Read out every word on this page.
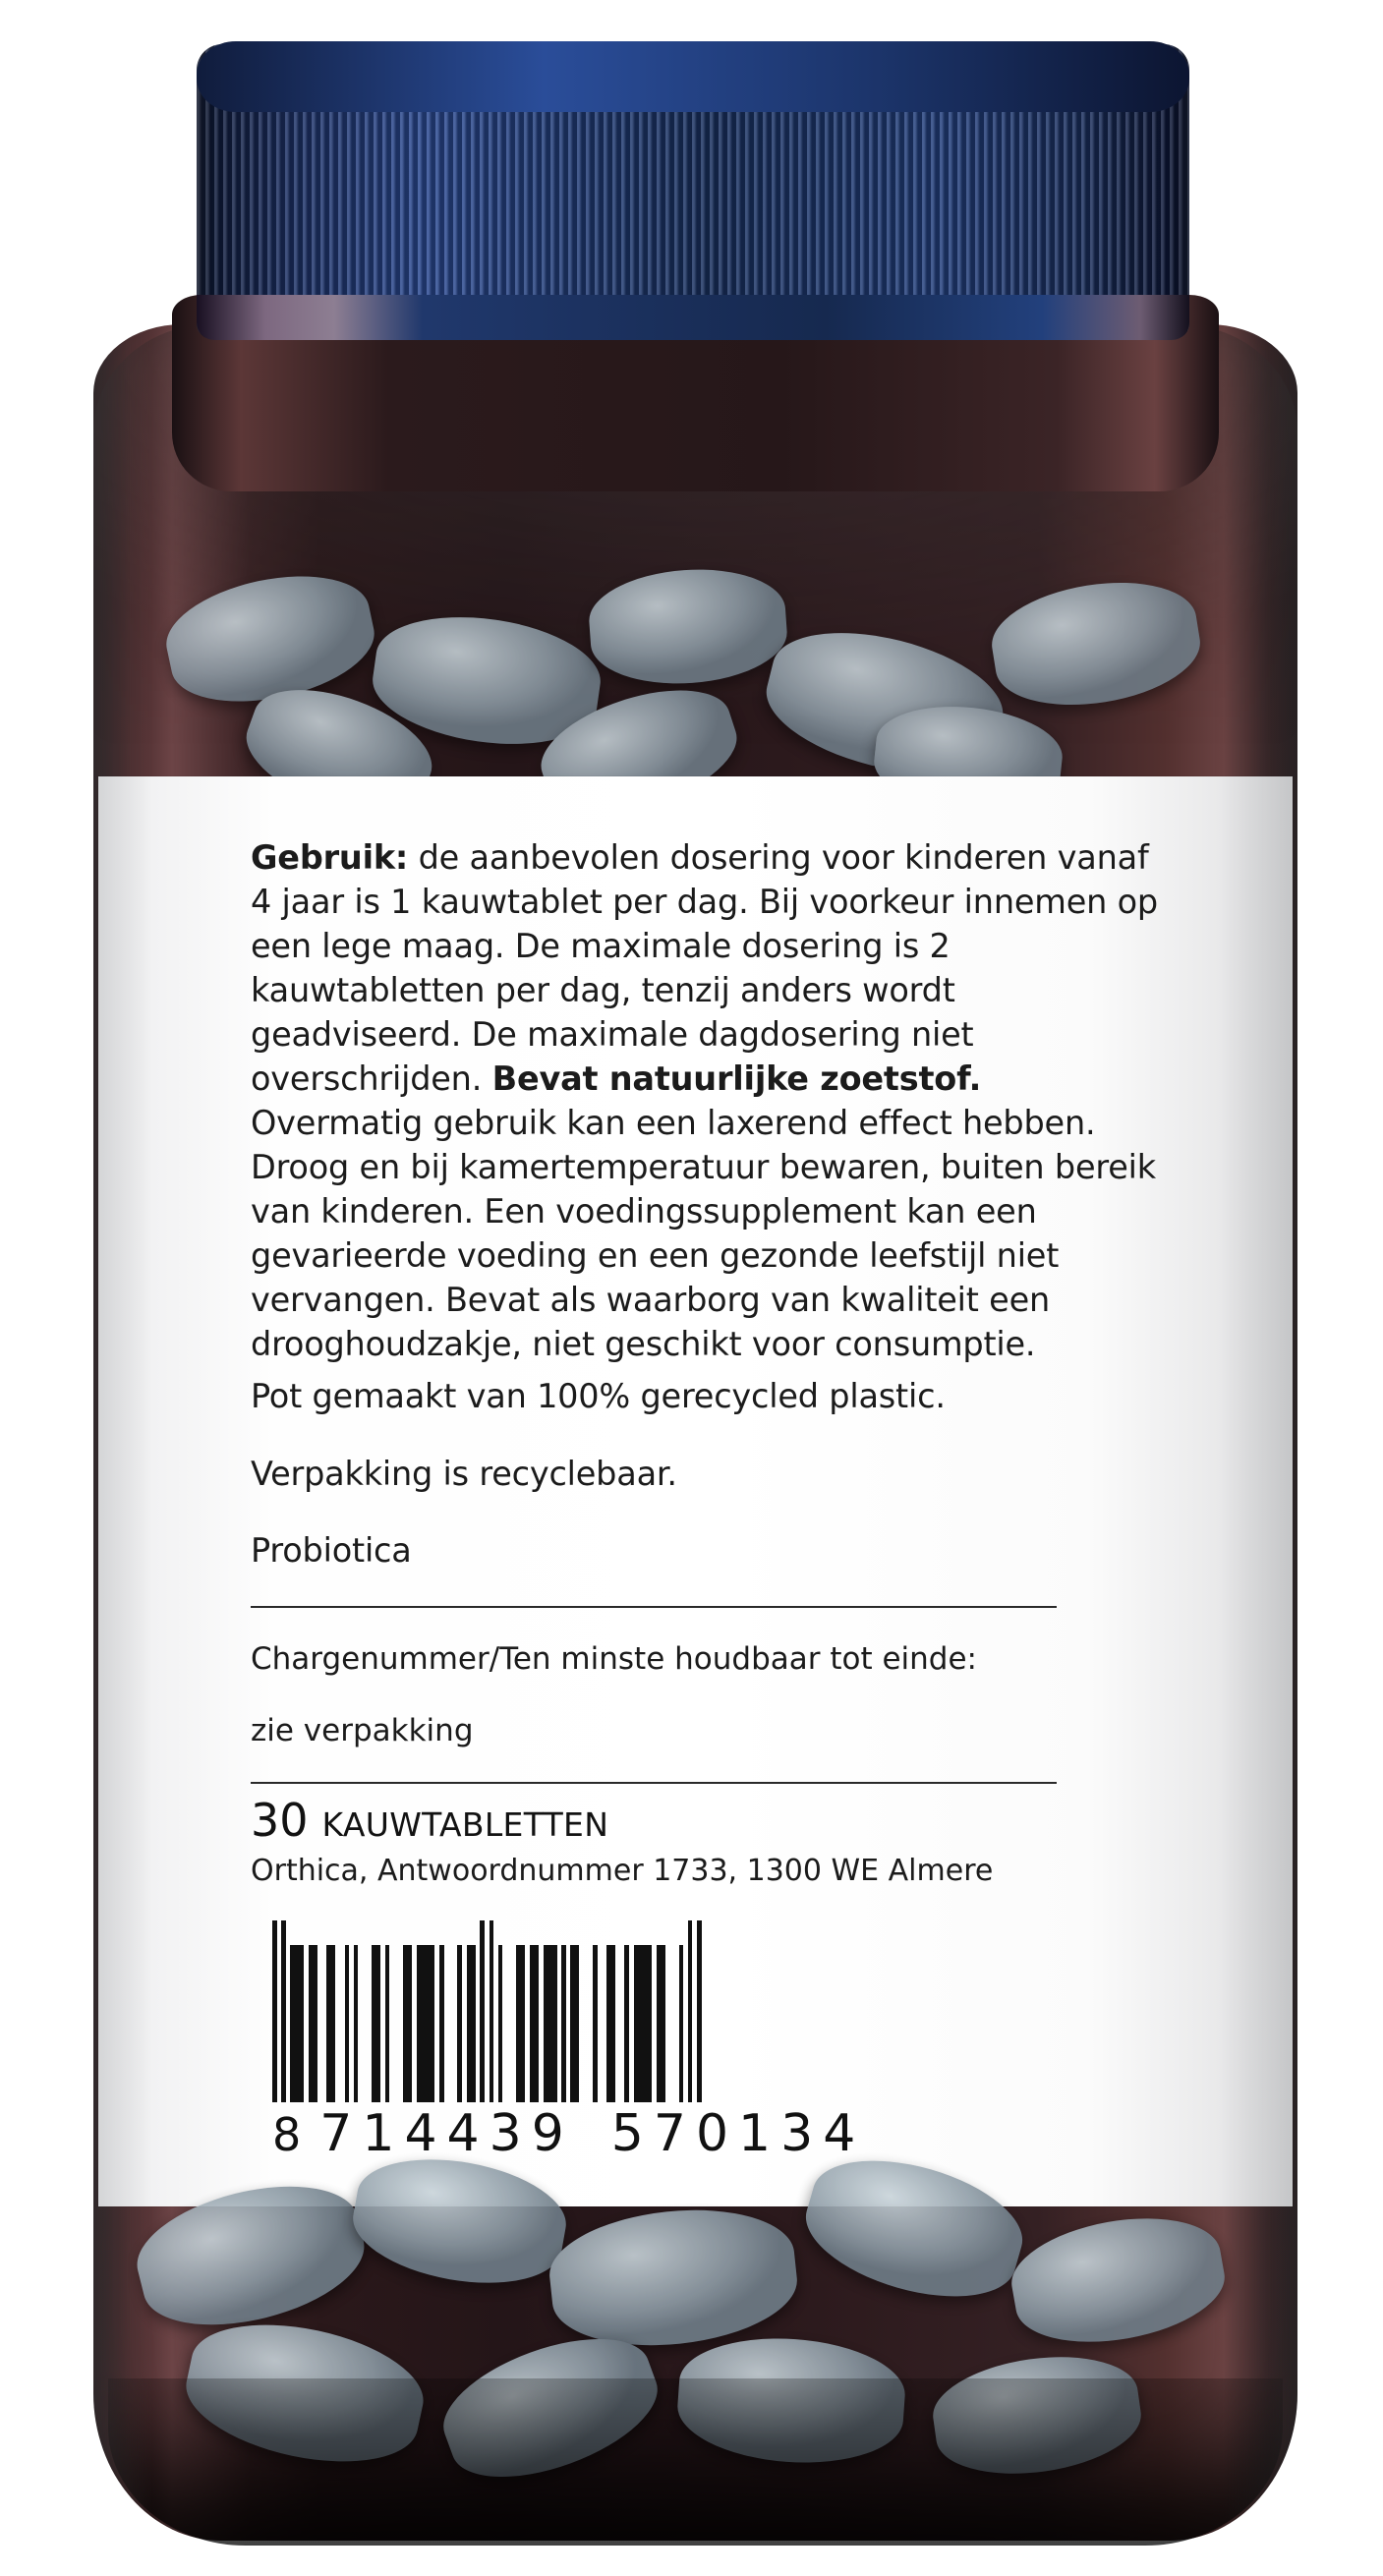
Gebruik: de aanbevolen dosering voor kinderen vanaf 4 jaar is 1 kauwtablet per dag. Bij voorkeur innemen op een lege maag. De maximale dosering is 2 kauwtabletten per dag, tenzij anders wordt geadviseerd. De maximale dagdosering niet overschrijden. Bevat natuurlijke zoetstof. Overmatig gebruik kan een laxerend effect hebben. Droog en bij kamertemperatuur bewaren, buiten bereik van kinderen. Een voedingssupplement kan een gevarieerde voeding en een gezonde leefstijl niet vervangen. Bevat als waarborg van kwaliteit een drooghoudzakje, niet geschikt voor consumptie.

Pot gemaakt van 100% gerecycled plastic.

Verpakking is recyclebaar.

Probiotica

Chargenummer/Ten minste houdbaar tot einde:

zie verpakking

30 KAUWTABLETTEN

Orthica, Antwoordnummer 1733, 1300 WE Almere

8 714439 570134
